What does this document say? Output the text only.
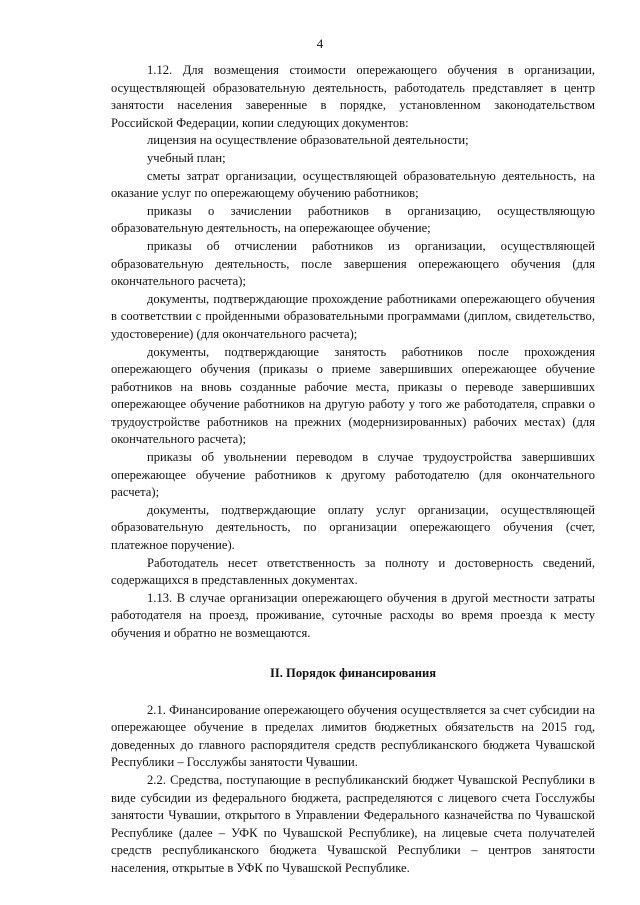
4

1.12. Для возмещения стоимости опережающего обучения в организации, осуществляющей образовательную деятельность, работодатель представляет в центр занятости населения заверенные в порядке, установленном законодательством Российской Федерации, копии следующих документов:

лицензия на осуществление образовательной деятельности;

учебный план;

сметы затрат организации, осуществляющей образовательную деятельность, на оказание услуг по опережающему обучению работников;

приказы о зачислении работников в организацию, осуществляющую образовательную деятельность, на опережающее обучение;

приказы об отчислении работников из организации, осуществляющей образовательную деятельность, после завершения опережающего обучения (для окончательного расчета);

документы, подтверждающие прохождение работниками опережающего обучения в соответствии с пройденными образовательными программами (диплом, свидетельство, удостоверение) (для окончательного расчета);

документы, подтверждающие занятость работников после прохождения опережающего обучения (приказы о приеме завершивших опережающее обучение работников на вновь созданные рабочие места, приказы о переводе завершивших опережающее обучение работников на другую работу у того же работодателя, справки о трудоустройстве работников на прежних (модернизированных) рабочих местах) (для окончательного расчета);

приказы об увольнении переводом в случае трудоустройства завершивших опережающее обучение работников к другому работодателю (для окончательного расчета);

документы, подтверждающие оплату услуг организации, осуществляющей образовательную деятельность, по организации опережающего обучения (счет, платежное поручение).

Работодатель несет ответственность за полноту и достоверность сведений, содержащихся в представленных документах.

1.13. В случае организации опережающего обучения в другой местности затраты работодателя на проезд, проживание, суточные расходы во время проезда к месту обучения и обратно не возмещаются.

II. Порядок финансирования

2.1. Финансирование опережающего обучения осуществляется за счет субсидии на опережающее обучение в пределах лимитов бюджетных обязательств на 2015 год, доведенных до главного распорядителя средств республиканского бюджета Чувашской Республики – Госслужбы занятости Чувашии.

2.2. Средства, поступающие в республиканский бюджет Чувашской Республики в виде субсидии из федерального бюджета, распределяются с лицевого счета Госслужбы занятости Чувашии, открытого в Управлении Федерального казначейства по Чувашской Республике (далее – УФК по Чувашской Республике), на лицевые счета получателей средств республиканского бюджета Чувашской Республики – центров занятости населения, открытые в УФК по Чувашской Республике.
